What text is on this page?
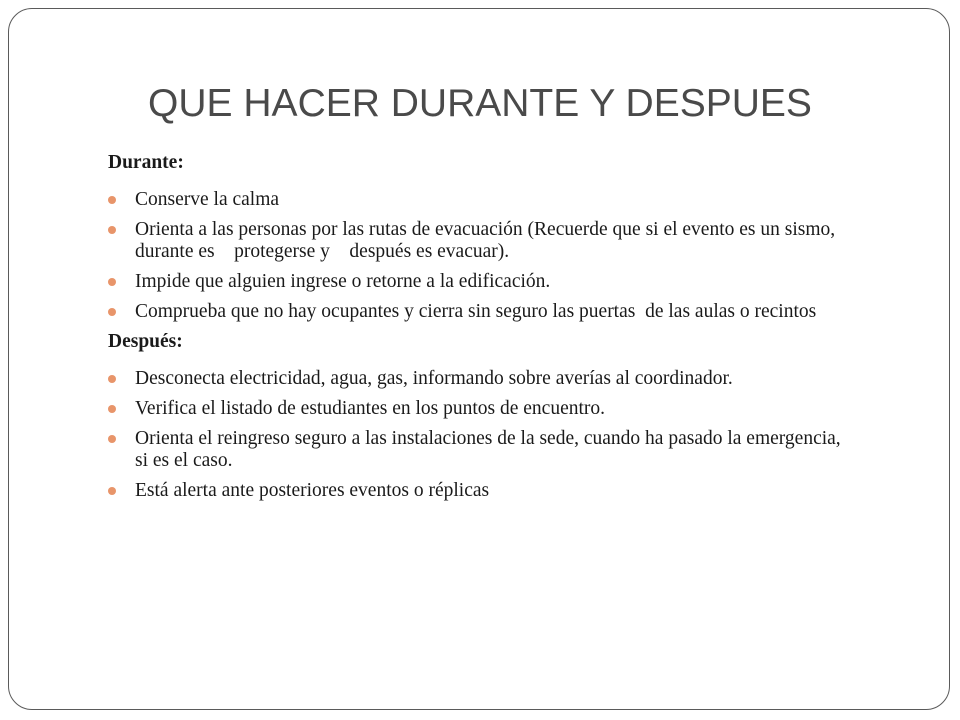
QUE HACER DURANTE Y DESPUES
Durante:
Conserve la calma
Orienta a las personas por las rutas de evacuación (Recuerde que si el evento es un sismo, durante es    protegerse y    después es evacuar).
Impide que alguien ingrese o retorne a la edificación.
Comprueba que no hay ocupantes y cierra sin seguro las puertas  de las aulas o recintos
Después:
Desconecta electricidad, agua, gas, informando sobre averías al coordinador.
Verifica el listado de estudiantes en los puntos de encuentro.
Orienta el reingreso seguro a las instalaciones de la sede, cuando ha pasado la emergencia, si es el caso.
Está alerta ante posteriores eventos o réplicas
